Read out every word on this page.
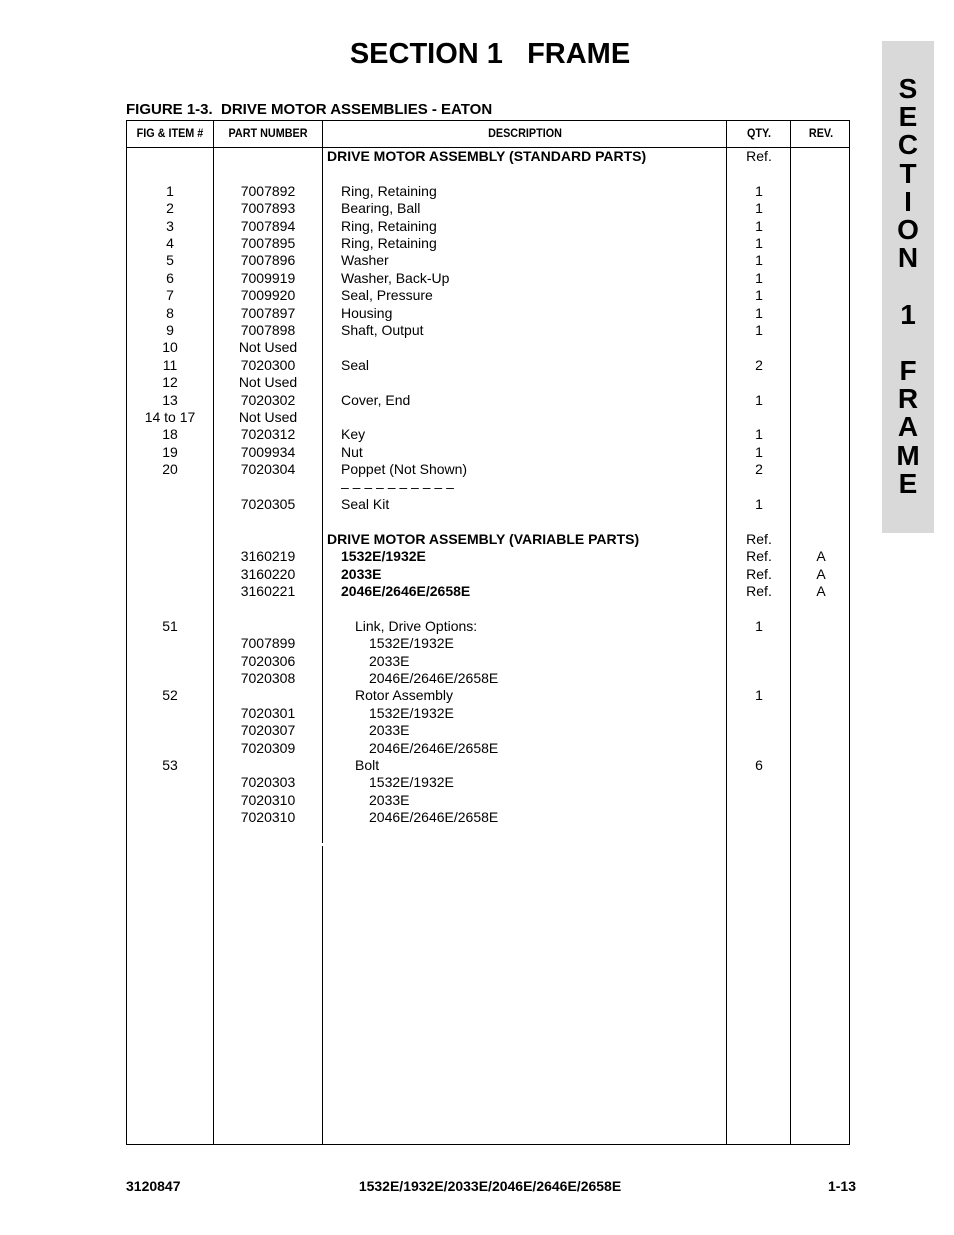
SECTION 1   FRAME
S
E
C
T
I
O
N
1
F
R
A
M
E
FIGURE 1-3.  DRIVE MOTOR ASSEMBLIES - EATON
FIG & ITEM #	PART NUMBER	DESCRIPTION	QTY.	REV.
DRIVE MOTOR ASSEMBLY (STANDARD PARTS)	Ref.
1	7007892	Ring, Retaining	1
2	7007893	Bearing, Ball	1
3	7007894	Ring, Retaining	1
4	7007895	Ring, Retaining	1
5	7007896	Washer	1
6	7009919	Washer, Back-Up	1
7	7009920	Seal, Pressure	1
8	7007897	Housing	1
9	7007898	Shaft, Output	1
10	Not Used
11	7020300	Seal	2
12	Not Used
13	7020302	Cover, End	1
14 to 17	Not Used
18	7020312	Key	1
19	7009934	Nut	1
20	7020304	Poppet (Not Shown)	2
– – – – – – – – – –
7020305	Seal Kit	1
DRIVE MOTOR ASSEMBLY (VARIABLE PARTS)	Ref.
3160219	1532E/1932E	Ref.	A
3160220	2033E	Ref.	A
3160221	2046E/2646E/2658E	Ref.	A
51	Link, Drive Options:	1
7007899	1532E/1932E
7020306	2033E
7020308	2046E/2646E/2658E
52	Rotor Assembly	1
7020301	1532E/1932E
7020307	2033E
7020309	2046E/2646E/2658E
53	Bolt	6
7020303	1532E/1932E
7020310	2033E
7020310	2046E/2646E/2658E
3120847	1532E/1932E/2033E/2046E/2646E/2658E	1-13
